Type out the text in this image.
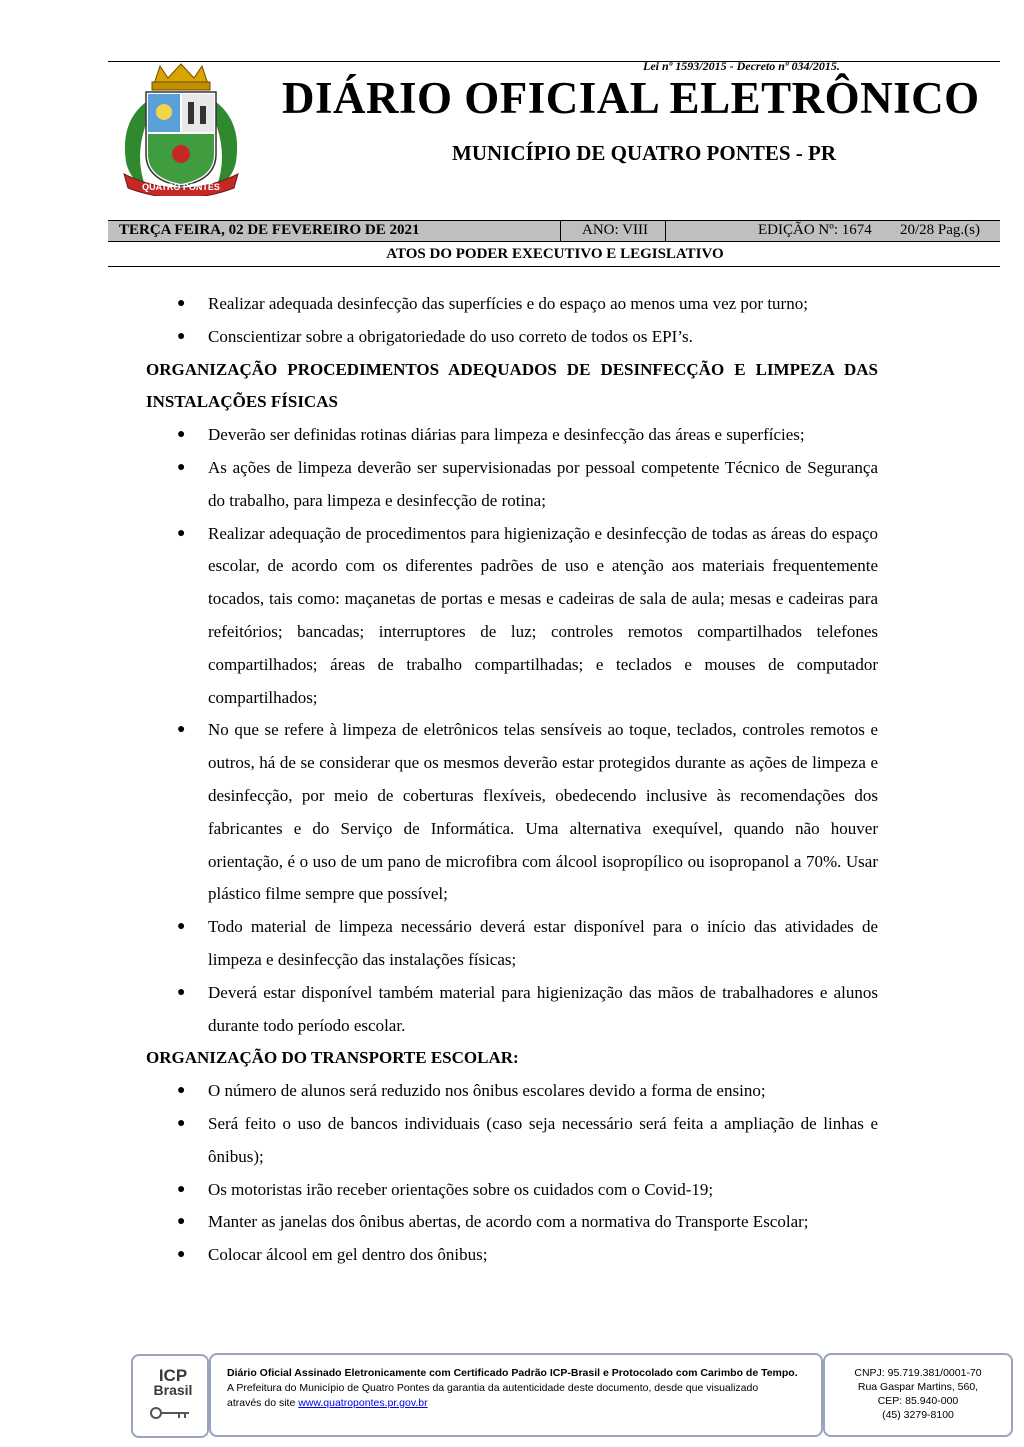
Lei nº 1593/2015 - Decreto nº 034/2015.
QUATRO PONTES
DIÁRIO OFICIAL ELETRÔNICO
MUNICÍPIO DE QUATRO PONTES - PR
TERÇA FEIRA, 02 DE FEVEREIRO DE 2021	ANO: VIII	EDIÇÃO Nº: 1674 20/28 Pag.(s)
ATOS DO PODER EXECUTIVO E LEGISLATIVO
● Realizar adequada desinfecção das superfícies e do espaço ao menos uma vez por turno;
● Conscientizar sobre a obrigatoriedade do uso correto de todos os EPI’s.
ORGANIZAÇÃO PROCEDIMENTOS ADEQUADOS DE DESINFECÇÃO E LIMPEZA DAS INSTALAÇÕES FÍSICAS
● Deverão ser definidas rotinas diárias para limpeza e desinfecção das áreas e superfícies;
● As ações de limpeza deverão ser supervisionadas por pessoal competente Técnico de Segurança do trabalho, para limpeza e desinfecção de rotina;
● Realizar adequação de procedimentos para higienização e desinfecção de todas as áreas do espaço escolar, de acordo com os diferentes padrões de uso e atenção aos materiais frequentemente tocados, tais como: maçanetas de portas e mesas e cadeiras de sala de aula; mesas e cadeiras para refeitórios; bancadas; interruptores de luz; controles remotos compartilhados telefones compartilhados; áreas de trabalho compartilhadas; e teclados e mouses de computador compartilhados;
● No que se refere à limpeza de eletrônicos telas sensíveis ao toque, teclados, controles remotos e outros, há de se considerar que os mesmos deverão estar protegidos durante as ações de limpeza e desinfecção, por meio de coberturas flexíveis, obedecendo inclusive às recomendações dos fabricantes e do Serviço de Informática. Uma alternativa exequível, quando não houver orientação, é o uso de um pano de microfibra com álcool isopropílico ou isopropanol a 70%. Usar plástico filme sempre que possível;
● Todo material de limpeza necessário deverá estar disponível para o início das atividades de limpeza e desinfecção das instalações físicas;
● Deverá estar disponível também material para higienização das mãos de trabalhadores e alunos durante todo período escolar.
ORGANIZAÇÃO DO TRANSPORTE ESCOLAR:
● O número de alunos será reduzido nos ônibus escolares devido a forma de ensino;
● Será feito o uso de bancos individuais (caso seja necessário será feita a ampliação de linhas e ônibus);
● Os motoristas irão receber orientações sobre os cuidados com o Covid-19;
● Manter as janelas dos ônibus abertas, de acordo com a normativa do Transporte Escolar;
● Colocar álcool em gel dentro dos ônibus;
ICP
Brasil
Diário Oficial Assinado Eletronicamente com Certificado Padrão ICP-Brasil e Protocolado com Carimbo de Tempo.
A Prefeitura do Município de Quatro Pontes da garantia da autenticidade deste documento, desde que visualizado
através do site www.quatropontes.pr.gov.br
CNPJ: 95.719.381/0001-70
Rua Gaspar Martins, 560,
CEP: 85.940-000
(45) 3279-8100
